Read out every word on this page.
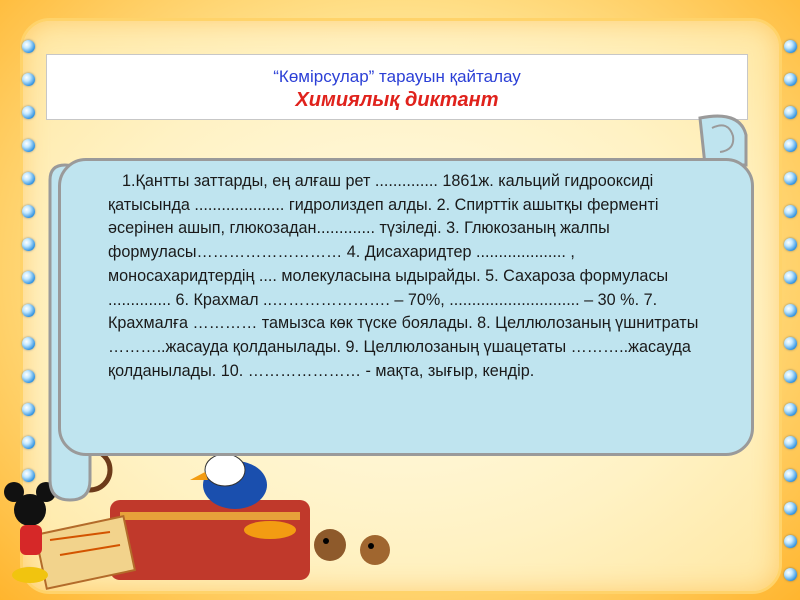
“Көмірсулар” тарауын қайталау
Химиялық диктант

1.Қантты заттарды, ең алғаш рет .............. 1861ж. кальций гидрооксиді қатысында .................... гидролиздеп алды. 2. Спирттік ашытқы ферменті әсерінен ашып, глюкозадан............. түзіледі. 3. Глюкозаның жалпы формуласы……………………… 4. Дисахаридтер .................... , моносахаридтердің .... молекуласына ыдырайды. 5. Сахароза формуласы .............. 6. Крахмал ..…………………. – 70%, ............................. – 30 %. 7. Крахмалға ………… тамызса көк түске боялады. 8. Целлюлозаның үшнитраты ………..жасауда қолданылады. 9. Целлюлозаның үшацетаты ………..жасауда қолданылады. 10. ………………… - мақта, зығыр, кендір.
